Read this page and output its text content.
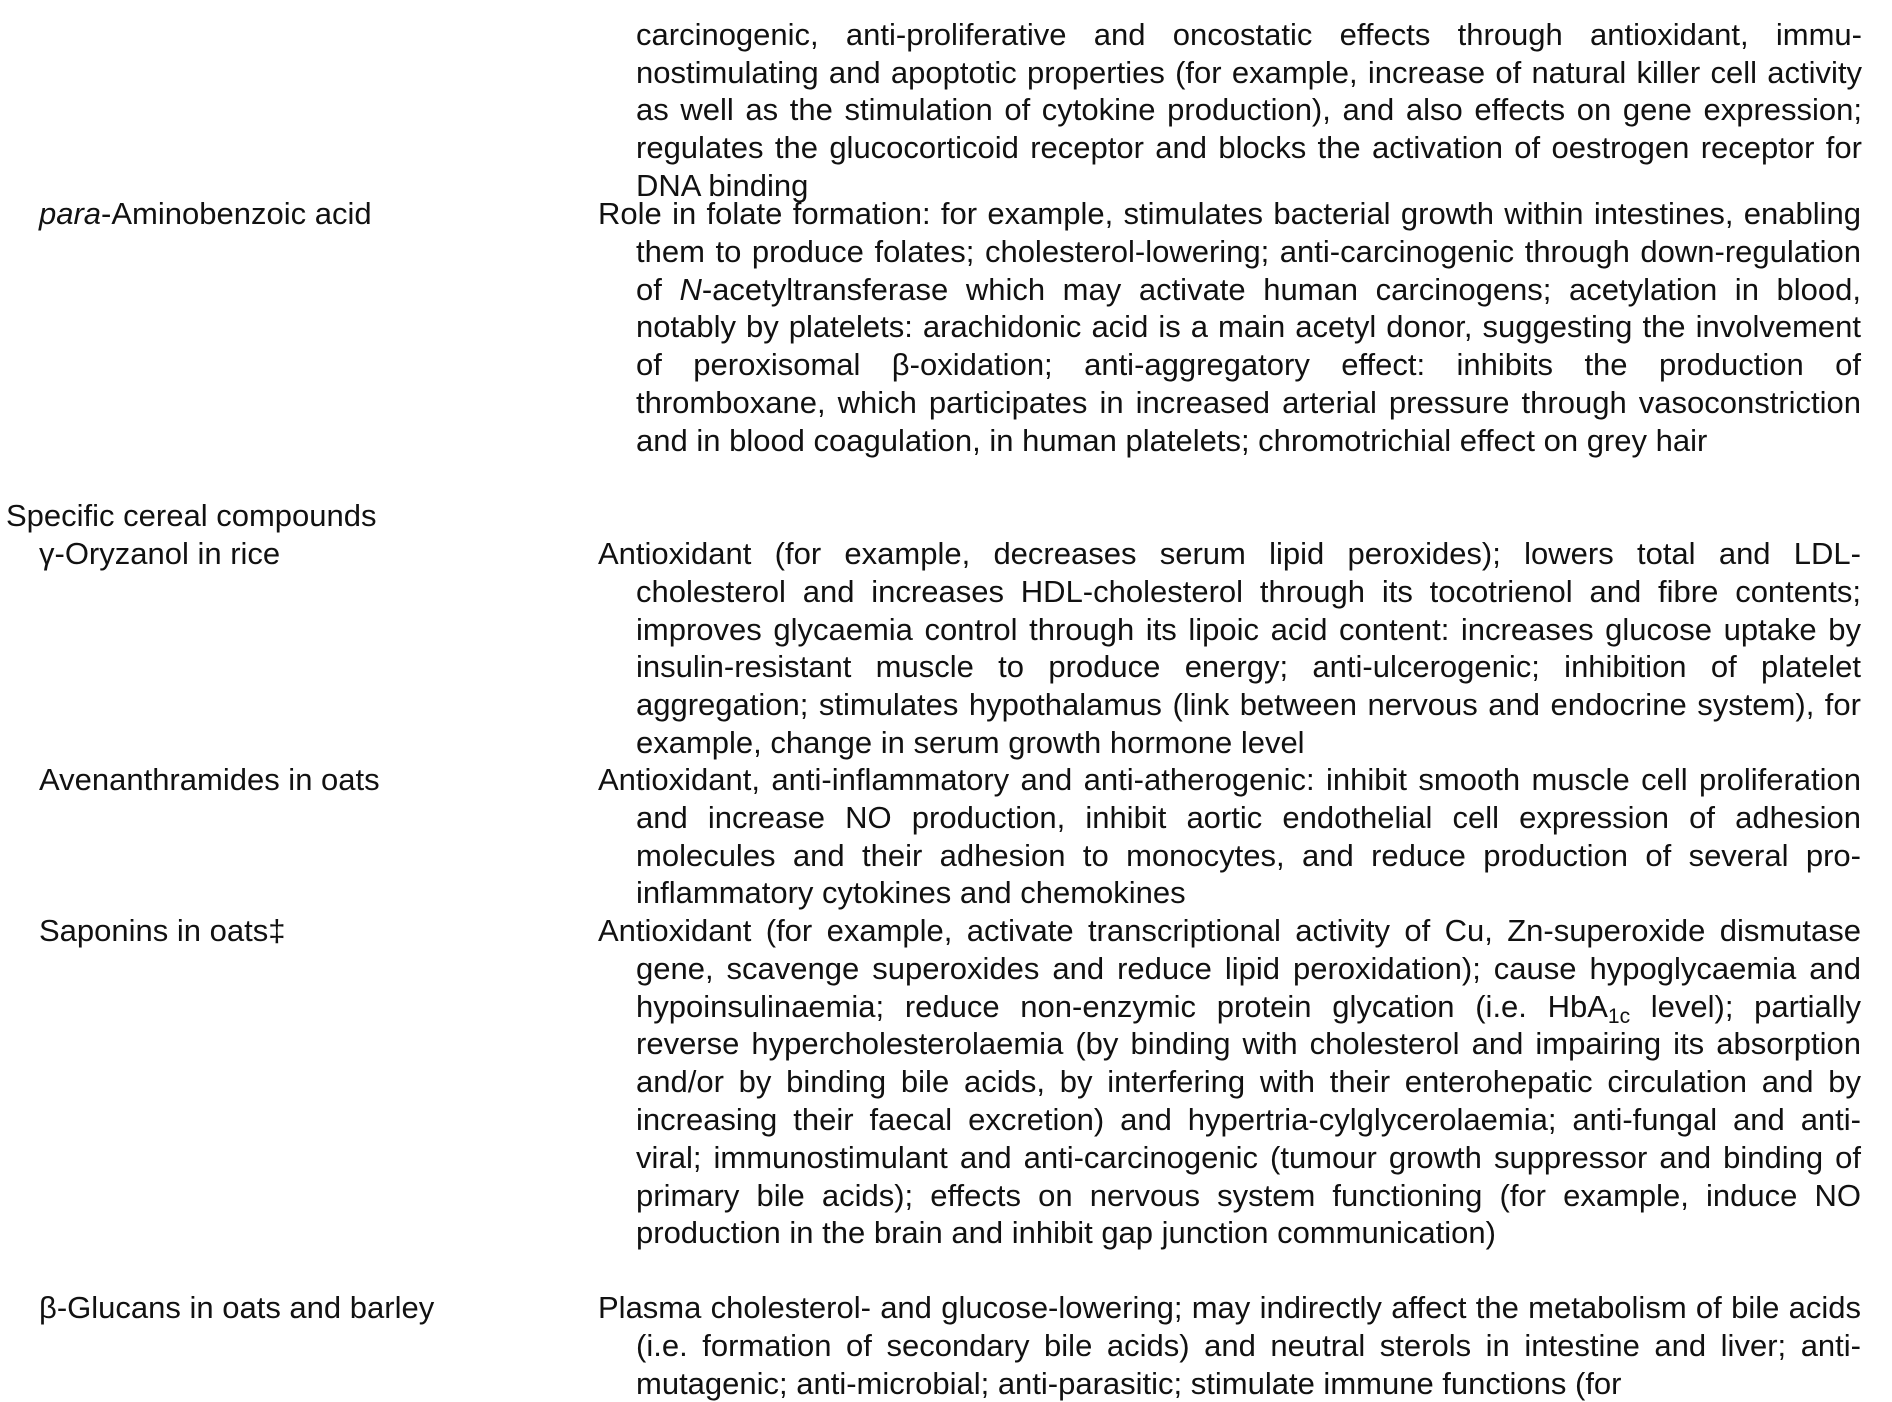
carcinogenic, anti-proliferative and oncostatic effects through antioxidant, immu-nostimulating and apoptotic properties (for example, increase of natural killer cell activity as well as the stimulation of cytokine production), and also effects on gene expression; regulates the glucocorticoid receptor and blocks the activation of oestrogen receptor for DNA binding
para-Aminobenzoic acid	Role in folate formation: for example, stimulates bacterial growth within intestines, enabling them to produce folates; cholesterol-lowering; anti-carcinogenic through down-regulation of N-acetyltransferase which may activate human carcinogens; acetylation in blood, notably by platelets: arachidonic acid is a main acetyl donor, suggesting the involvement of peroxisomal β-oxidation; anti-aggregatory effect: inhibits the production of thromboxane, which participates in increased arterial pressure through vasoconstriction and in blood coagulation, in human platelets; chromotrichial effect on grey hair
Specific cereal compounds
γ-Oryzanol in rice	Antioxidant (for example, decreases serum lipid peroxides); lowers total and LDL-cholesterol and increases HDL-cholesterol through its tocotrienol and fibre contents; improves glycaemia control through its lipoic acid content: increases glucose uptake by insulin-resistant muscle to produce energy; anti-ulcerogenic; inhibition of platelet aggregation; stimulates hypothalamus (link between nervous and endocrine system), for example, change in serum growth hormone level
Avenanthramides in oats	Antioxidant, anti-inflammatory and anti-atherogenic: inhibit smooth muscle cell proliferation and increase NO production, inhibit aortic endothelial cell expression of adhesion molecules and their adhesion to monocytes, and reduce production of several pro-inflammatory cytokines and chemokines
Saponins in oats‡	Antioxidant (for example, activate transcriptional activity of Cu, Zn-superoxide dismutase gene, scavenge superoxides and reduce lipid peroxidation); cause hypoglycaemia and hypoinsulinaemia; reduce non-enzymic protein glycation (i.e. HbA$_{1c}$ level); partially reverse hypercholesterolaemia (by binding with cholesterol and impairing its absorption and/or by binding bile acids, by interfering with their enterohepatic circulation and by increasing their faecal excretion) and hypertria-cylglycerolaemia; anti-fungal and anti-viral; immunostimulant and anti-carcinogenic (tumour growth suppressor and binding of primary bile acids); effects on nervous system functioning (for example, induce NO production in the brain and inhibit gap junction communication)
β-Glucans in oats and barley	Plasma cholesterol- and glucose-lowering; may indirectly affect the metabolism of bile acids (i.e. formation of secondary bile acids) and neutral sterols in intestine and liver; anti-mutagenic; anti-microbial; anti-parasitic; stimulate immune functions (for
